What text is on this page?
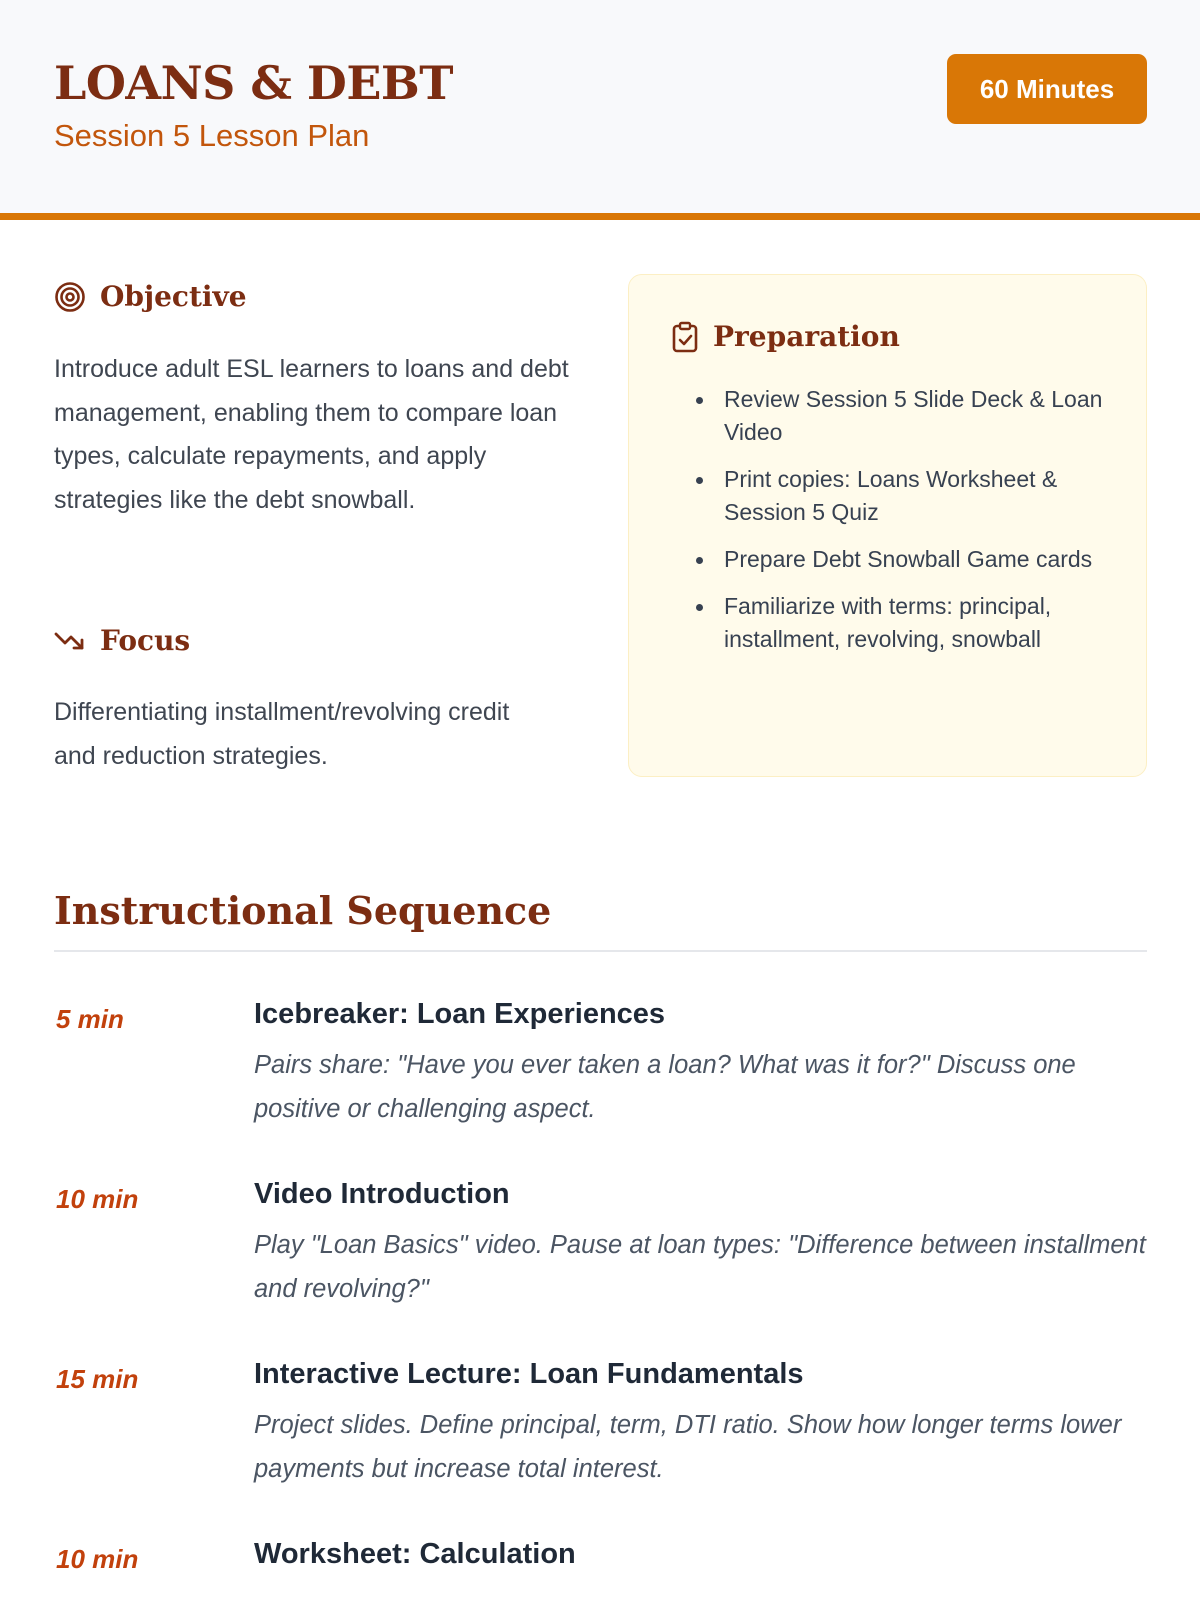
LOANS & DEBT
Session 5 Lesson Plan
60 Minutes
Objective
Introduce adult ESL learners to loans and debt management, enabling them to compare loan types, calculate repayments, and apply strategies like the debt snowball.
Focus
Differentiating installment/revolving credit and reduction strategies.
Preparation
Review Session 5 Slide Deck & Loan Video
Print copies: Loans Worksheet & Session 5 Quiz
Prepare Debt Snowball Game cards
Familiarize with terms: principal, installment, revolving, snowball
Instructional Sequence
5 min	Icebreaker: Loan Experiences
Pairs share: "Have you ever taken a loan? What was it for?" Discuss one positive or challenging aspect.
10 min	Video Introduction
Play "Loan Basics" video. Pause at loan types: "Difference between installment and revolving?"
15 min	Interactive Lecture: Loan Fundamentals
Project slides. Define principal, term, DTI ratio. Show how longer terms lower payments but increase total interest.
10 min	Worksheet: Calculation
